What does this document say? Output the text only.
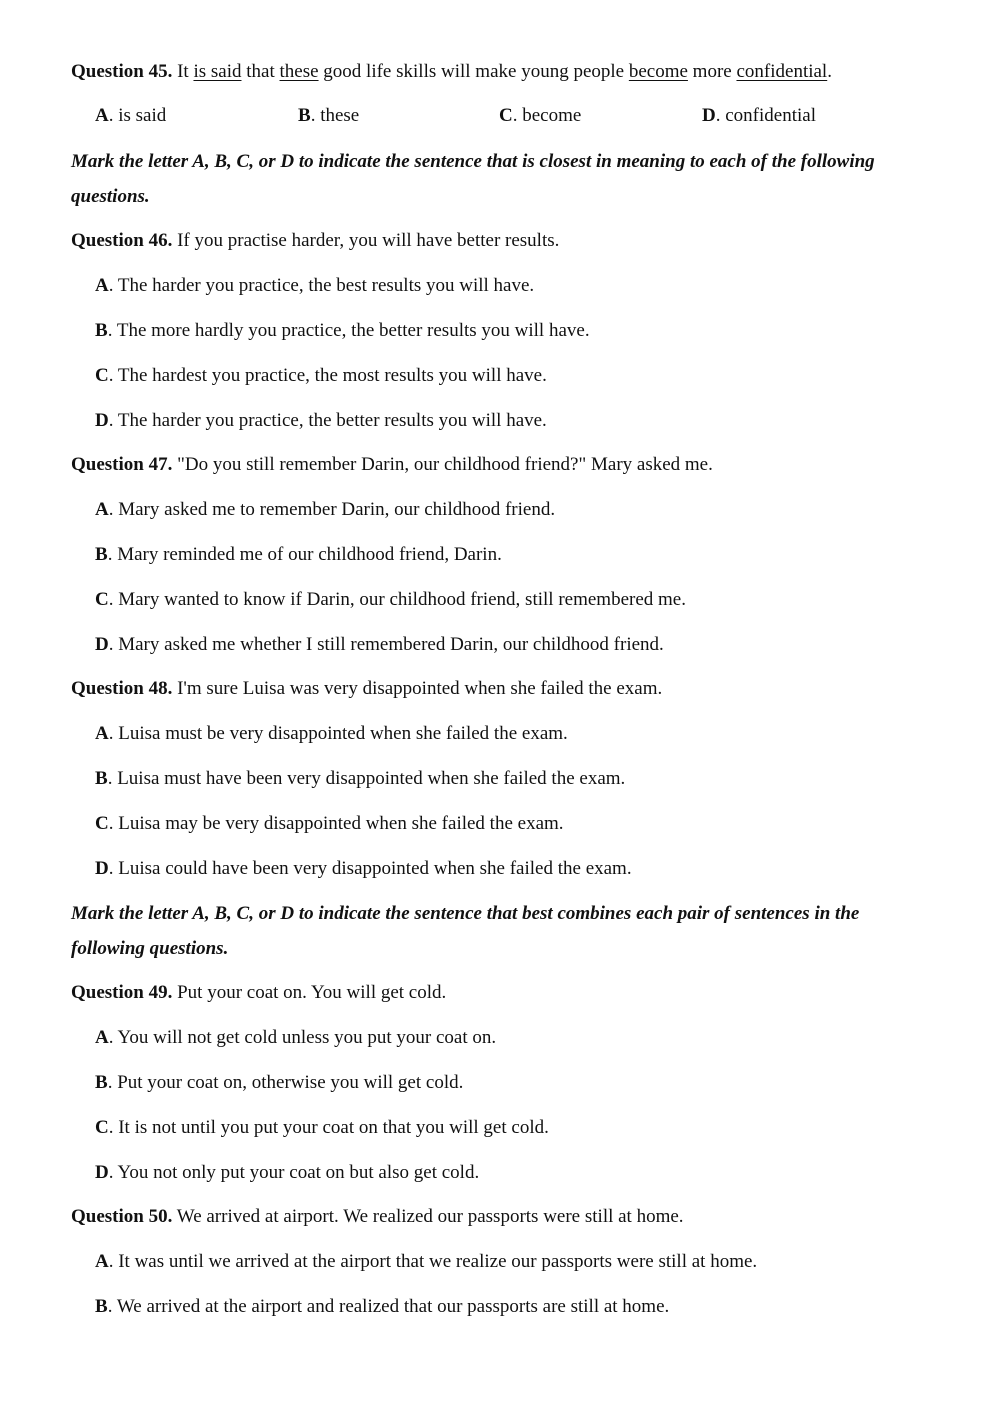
Question 45. It is said that these good life skills will make young people become more confidential.
A. is said	B. these	C. become	D. confidential
Mark the letter A, B, C, or D to indicate the sentence that is closest in meaning to each of the following
questions.
Question 46. If you practise harder, you will have better results.
A. The harder you practice, the best results you will have.
B. The more hardly you practice, the better results you will have.
C. The hardest you practice, the most results you will have.
D. The harder you practice, the better results you will have.
Question 47. "Do you still remember Darin, our childhood friend?" Mary asked me.
A. Mary asked me to remember Darin, our childhood friend.
B. Mary reminded me of our childhood friend, Darin.
C. Mary wanted to know if Darin, our childhood friend, still remembered me.
D. Mary asked me whether I still remembered Darin, our childhood friend.
Question 48. I'm sure Luisa was very disappointed when she failed the exam.
A. Luisa must be very disappointed when she failed the exam.
B. Luisa must have been very disappointed when she failed the exam.
C. Luisa may be very disappointed when she failed the exam.
D. Luisa could have been very disappointed when she failed the exam.
Mark the letter A, B, C, or D to indicate the sentence that best combines each pair of sentences in the
following questions.
Question 49. Put your coat on. You will get cold.
A. You will not get cold unless you put your coat on.
B. Put your coat on, otherwise you will get cold.
C. It is not until you put your coat on that you will get cold.
D. You not only put your coat on but also get cold.
Question 50. We arrived at airport. We realized our passports were still at home.
A. It was until we arrived at the airport that we realize our passports were still at home.
B. We arrived at the airport and realized that our passports are still at home.
